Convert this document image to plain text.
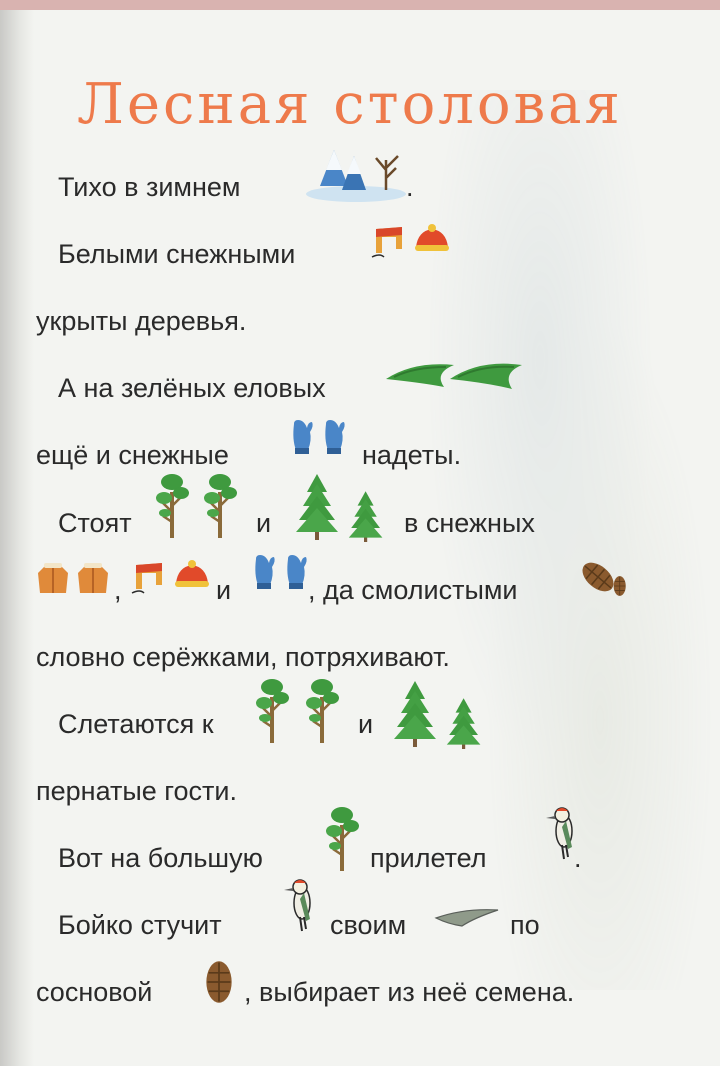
Лесная столовая
Тихо в зимнем	.
Белыми снежными
укрыты деревья.
А на зелёных еловых
ещё и снежные	надеты.
Стоят	и	в снежных
,	и	, да смолистыми
словно серёжками, потряхивают.
Слетаются к	и
пернатые гости.
Вот на большую	прилетел	.
Бойко стучит	своим	по
сосновой	, выбирает из неё семена.
